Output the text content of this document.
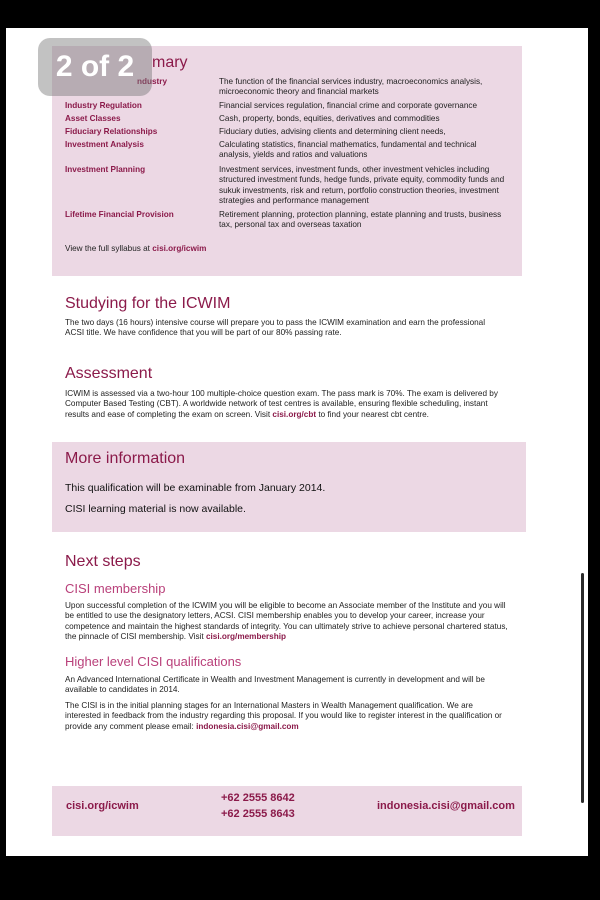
mary
ndustry	The function of the financial services industry, macroeconomics analysis, microeconomic theory and financial markets
Industry Regulation	Financial services regulation, financial crime and corporate governance
Asset Classes	Cash, property, bonds, equities, derivatives and commodities
Fiduciary Relationships	Fiduciary duties, advising clients and determining client needs,
Investment Analysis	Calculating statistics, financial mathematics, fundamental and technical analysis, yields and ratios and valuations
Investment Planning	Investment services, investment funds, other investment vehicles including structured investment funds, hedge funds, private equity, commodity funds and sukuk investments, risk and return, portfolio construction theories, investment strategies and performance management
Lifetime Financial Provision	Retirement planning, protection planning, estate planning and trusts, business tax, personal tax and overseas taxation
View the full syllabus at cisi.org/icwim
Studying for the ICWIM
The two days (16 hours) intensive course will prepare you to pass the ICWIM examination and earn the professional ACSI title. We have confidence that you will be part of our 80% passing rate.
Assessment
ICWIM is assessed via a two-hour 100 multiple-choice question exam. The pass mark is 70%. The exam is delivered by Computer Based Testing (CBT). A worldwide network of test centres is available, ensuring flexible scheduling, instant results and ease of completing the exam on screen. Visit cisi.org/cbt to find your nearest cbt centre.
More information
This qualification will be examinable from January 2014.
CISI learning material is now available.
Next steps
CISI membership
Upon successful completion of the ICWIM you will be eligible to become an Associate member of the Institute and you will be entitled to use the designatory letters, ACSI. CISI membership enables you to develop your career, increase your competence and maintain the highest standards of integrity. You can ultimately strive to achieve personal chartered status, the pinnacle of CISI membership. Visit cisi.org/membership
Higher level CISI qualifications
An Advanced International Certificate in Wealth and Investment Management is currently in development and will be available to candidates in 2014.
The CISI is in the initial planning stages for an International Masters in Wealth Management qualification. We are interested in feedback from the industry regarding this proposal. If you would like to register interest in the qualification or provide any comment please email: indonesia.cisi@gmail.com
cisi.org/icwim
+62 2555 8642
+62 2555 8643
indonesia.cisi@gmail.com
2 of 2
